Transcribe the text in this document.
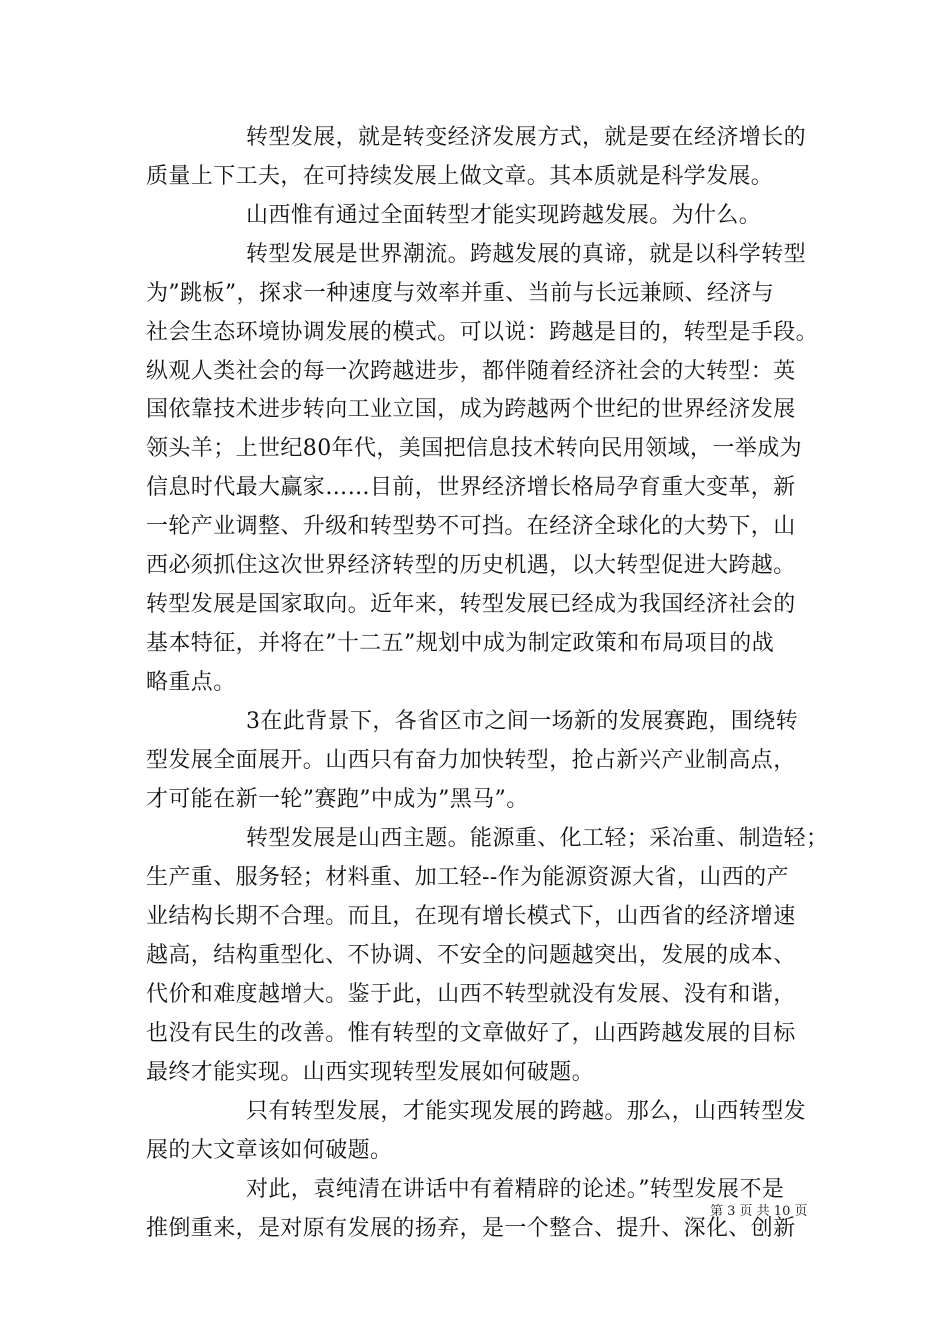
转型发展，就是转变经济发展方式，就是要在经济增长的
质量上下工夫，在可持续发展上做文章。其本质就是科学发展。
山西惟有通过全面转型才能实现跨越发展。为什么。
转型发展是世界潮流。跨越发展的真谛，就是以科学转型
为”跳板”，探求一种速度与效率并重、当前与长远兼顾、经济与
社会生态环境协调发展的模式。可以说：跨越是目的，转型是手段。
纵观人类社会的每一次跨越进步，都伴随着经济社会的大转型：英
国依靠技术进步转向工业立国，成为跨越两个世纪的世界经济发展
领头羊；上世纪80年代，美国把信息技术转向民用领域，一举成为
信息时代最大赢家……目前，世界经济增长格局孕育重大变革，新
一轮产业调整、升级和转型势不可挡。在经济全球化的大势下，山
西必须抓住这次世界经济转型的历史机遇，以大转型促进大跨越。
转型发展是国家取向。近年来，转型发展已经成为我国经济社会的
基本特征，并将在”十二五”规划中成为制定政策和布局项目的战
略重点。
3在此背景下，各省区市之间一场新的发展赛跑，围绕转
型发展全面展开。山西只有奋力加快转型，抢占新兴产业制高点，
才可能在新一轮”赛跑”中成为”黑马”。
转型发展是山西主题。能源重、化工轻；采冶重、制造轻；
生产重、服务轻；材料重、加工轻--作为能源资源大省，山西的产
业结构长期不合理。而且，在现有增长模式下，山西省的经济增速
越高，结构重型化、不协调、不安全的问题越突出，发展的成本、
代价和难度越增大。鉴于此，山西不转型就没有发展、没有和谐，
也没有民生的改善。惟有转型的文章做好了，山西跨越发展的目标
最终才能实现。山西实现转型发展如何破题。
只有转型发展，才能实现发展的跨越。那么，山西转型发
展的大文章该如何破题。
对此，袁纯清在讲话中有着精辟的论述。”转型发展不是
推倒重来，是对原有发展的扬弃，是一个整合、提升、深化、创新
第 3 页 共 10 页
